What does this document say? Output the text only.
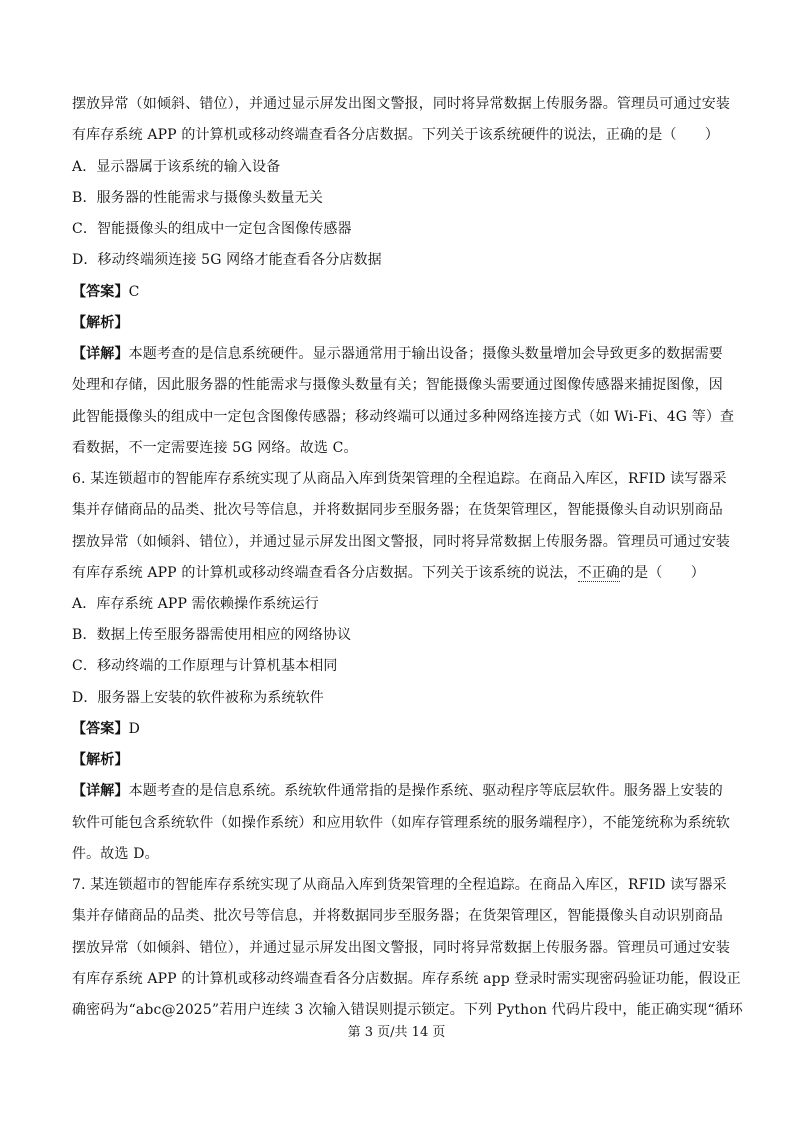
摆放异常（如倾斜、错位），并通过显示屏发出图文警报，同时将异常数据上传服务器。管理员可通过安装
有库存系统 APP 的计算机或移动终端查看各分店数据。下列关于该系统硬件的说法，正确的是（　　）
A．显示器属于该系统的输入设备
B．服务器的性能需求与摄像头数量无关
C．智能摄像头的组成中一定包含图像传感器
D．移动终端须连接 5G 网络才能查看各分店数据
【答案】C
【解析】
【详解】本题考查的是信息系统硬件。显示器通常用于输出设备；摄像头数量增加会导致更多的数据需要
处理和存储，因此服务器的性能需求与摄像头数量有关；智能摄像头需要通过图像传感器来捕捉图像，因
此智能摄像头的组成中一定包含图像传感器；移动终端可以通过多种网络连接方式（如 Wi-Fi、4G 等）查
看数据，不一定需要连接 5G 网络。故选 C。
6. 某连锁超市的智能库存系统实现了从商品入库到货架管理的全程追踪。在商品入库区，RFID 读写器采
集并存储商品的品类、批次号等信息，并将数据同步至服务器；在货架管理区，智能摄像头自动识别商品
摆放异常（如倾斜、错位），并通过显示屏发出图文警报，同时将异常数据上传服务器。管理员可通过安装
有库存系统 APP 的计算机或移动终端查看各分店数据。下列关于该系统的说法，不正确的是（　　）
A．库存系统 APP 需依赖操作系统运行
B．数据上传至服务器需使用相应的网络协议
C．移动终端的工作原理与计算机基本相同
D．服务器上安装的软件被称为系统软件
【答案】D
【解析】
【详解】本题考查的是信息系统。系统软件通常指的是操作系统、驱动程序等底层软件。服务器上安装的
软件可能包含系统软件（如操作系统）和应用软件（如库存管理系统的服务端程序），不能笼统称为系统软
件。故选 D。
7. 某连锁超市的智能库存系统实现了从商品入库到货架管理的全程追踪。在商品入库区，RFID 读写器采
集并存储商品的品类、批次号等信息，并将数据同步至服务器；在货架管理区，智能摄像头自动识别商品
摆放异常（如倾斜、错位），并通过显示屏发出图文警报，同时将异常数据上传服务器。管理员可通过安装
有库存系统 APP 的计算机或移动终端查看各分店数据。库存系统 app 登录时需实现密码验证功能，假设正
确密码为“abc@2025”若用户连续 3 次输入错误则提示锁定。下列 Python 代码片段中，能正确实现“循环
第 3 页/共 14 页
